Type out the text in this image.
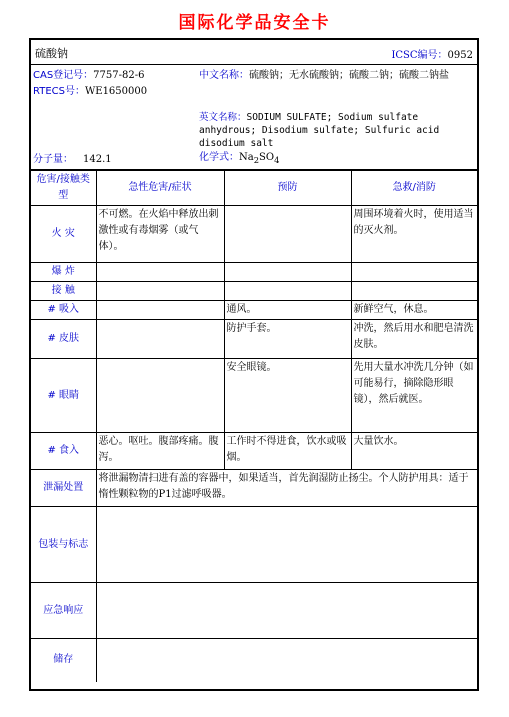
国际化学品安全卡
硫酸钠	ICSC编号：0952
CAS登记号：7757-82-6
RTECS号：WE1650000
分子量： 142.1
中文名称：硫酸钠；无水硫酸钠；硫酸二钠；硫酸二钠盐
英文名称：SODIUM SULFATE; Sodium sulfate anhydrous; Disodium sulfate; Sulfuric acid disodium salt
化学式：$Na_2SO_4$
危害/接触类型	急性危害/症状	预防	急救/消防
火 灾	不可燃。在火焰中释放出刺激性或有毒烟雾（或气体）。		周围环境着火时，使用适当的灭火剂。
爆 炸			
接 触			
# 吸入		通风。	新鲜空气，休息。
# 皮肤		防护手套。	冲洗，然后用水和肥皂清洗皮肤。
# 眼睛		安全眼镜。	先用大量水冲洗几分钟（如可能易行，摘除隐形眼镜），然后就医。
# 食入	恶心。呕吐。腹部疼痛。腹泻。	工作时不得进食，饮水或吸烟。	大量饮水。
泄漏处置	将泄漏物清扫进有盖的容器中，如果适当，首先润湿防止扬尘。个人防护用具：适于惰性颗粒物的P1过滤呼吸器。		
包装与标志			
应急响应			
储存			
